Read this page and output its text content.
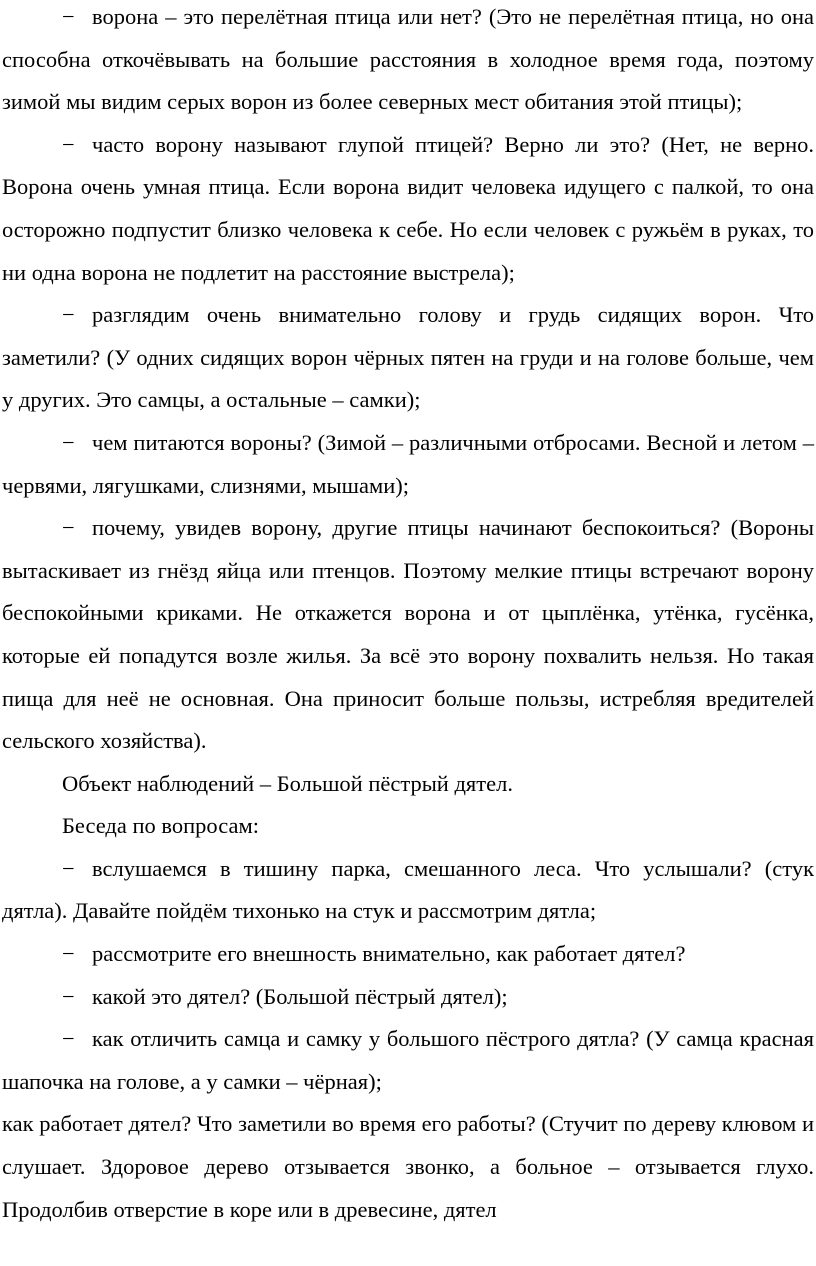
− ворона – это перелётная птица или нет? (Это не перелётная птица, но она способна откочёвывать на большие расстояния в холодное время года, поэтому зимой мы видим серых ворон из более северных мест обитания этой птицы);

− часто ворону называют глупой птицей? Верно ли это? (Нет, не верно. Ворона очень умная птица. Если ворона видит человека идущего с палкой, то она осторожно подпустит близко человека к себе. Но если человек с ружьём в руках, то ни одна ворона не подлетит на расстояние выстрела);

− разглядим очень внимательно голову и грудь сидящих ворон. Что заметили? (У одних сидящих ворон чёрных пятен на груди и на голове больше, чем у других. Это самцы, а остальные – самки);

− чем питаются вороны? (Зимой – различными отбросами. Весной и летом – червями, лягушками, слизнями, мышами);

− почему, увидев ворону, другие птицы начинают беспокоиться? (Вороны вытаскивает из гнёзд яйца или птенцов. Поэтому мелкие птицы встречают ворону беспокойными криками. Не откажется ворона и от цыплёнка, утёнка, гусёнка, которые ей попадутся возле жилья. За всё это ворону похвалить нельзя. Но такая пища для неё не основная. Она приносит больше пользы, истребляя вредителей сельского хозяйства).

Объект наблюдений – Большой пёстрый дятел.

Беседа по вопросам:

− вслушаемся в тишину парка, смешанного леса. Что услышали? (стук дятла). Давайте пойдём тихонько на стук и рассмотрим дятла;

− рассмотрите его внешность внимательно, как работает дятел?

− какой это дятел? (Большой пёстрый дятел);

− как отличить самца и самку у большого пёстрого дятла? (У самца красная шапочка на голове, а у самки – чёрная);

как работает дятел? Что заметили во время его работы? (Стучит по дереву клювом и слушает. Здоровое дерево отзывается звонко, а больное – отзывается глухо. Продолбив отверстие в коре или в древесине, дятел
